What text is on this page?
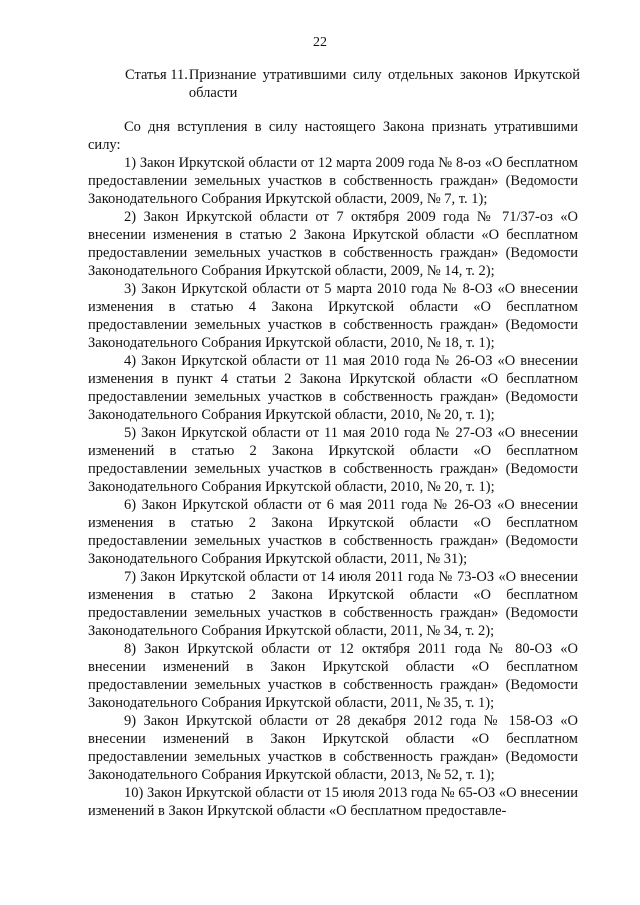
22
Статья 11. Признание утратившими силу отдельных законов Иркутской области

Со дня вступления в силу настоящего Закона признать утратившими силу:

1) Закон Иркутской области от 12 марта 2009 года № 8-оз «О бесплатном предоставлении земельных участков в собственность граждан» (Ведомости Законодательного Собрания Иркутской области, 2009, № 7, т. 1);

2) Закон Иркутской области от 7 октября 2009 года № 71/37-оз «О внесении изменения в статью 2 Закона Иркутской области «О бесплатном предоставлении земельных участков в собственность граждан» (Ведомости Законодательного Собрания Иркутской области, 2009, № 14, т. 2);

3) Закон Иркутской области от 5 марта 2010 года № 8-ОЗ «О внесении изменения в статью 4 Закона Иркутской области «О бесплатном предоставлении земельных участков в собственность граждан» (Ведомости Законодательного Собрания Иркутской области, 2010, № 18, т. 1);

4) Закон Иркутской области от 11 мая 2010 года № 26-ОЗ «О внесении изменения в пункт 4 статьи 2 Закона Иркутской области «О бесплатном предоставлении земельных участков в собственность граждан» (Ведомости Законодательного Собрания Иркутской области, 2010, № 20, т. 1);

5) Закон Иркутской области от 11 мая 2010 года № 27-ОЗ «О внесении изменений в статью 2 Закона Иркутской области «О бесплатном предоставлении земельных участков в собственность граждан» (Ведомости Законодательного Собрания Иркутской области, 2010, № 20, т. 1);

6) Закон Иркутской области от 6 мая 2011 года № 26-ОЗ «О внесении изменения в статью 2 Закона Иркутской области «О бесплатном предоставлении земельных участков в собственность граждан» (Ведомости Законодательного Собрания Иркутской области, 2011, № 31);

7) Закон Иркутской области от 14 июля 2011 года № 73-ОЗ «О внесении изменения в статью 2 Закона Иркутской области «О бесплатном предоставлении земельных участков в собственность граждан» (Ведомости Законодательного Собрания Иркутской области, 2011, № 34, т. 2);

8) Закон Иркутской области от 12 октября 2011 года № 80-ОЗ «О внесении изменений в Закон Иркутской области «О бесплатном предоставлении земельных участков в собственность граждан» (Ведомости Законодательного Собрания Иркутской области, 2011, № 35, т. 1);

9) Закон Иркутской области от 28 декабря 2012 года № 158-ОЗ «О внесении изменений в Закон Иркутской области «О бесплатном предоставлении земельных участков в собственность граждан» (Ведомости Законодательного Собрания Иркутской области, 2013, № 52, т. 1);

10) Закон Иркутской области от 15 июля 2013 года № 65-ОЗ «О внесении изменений в Закон Иркутской области «О бесплатном предоставле-
